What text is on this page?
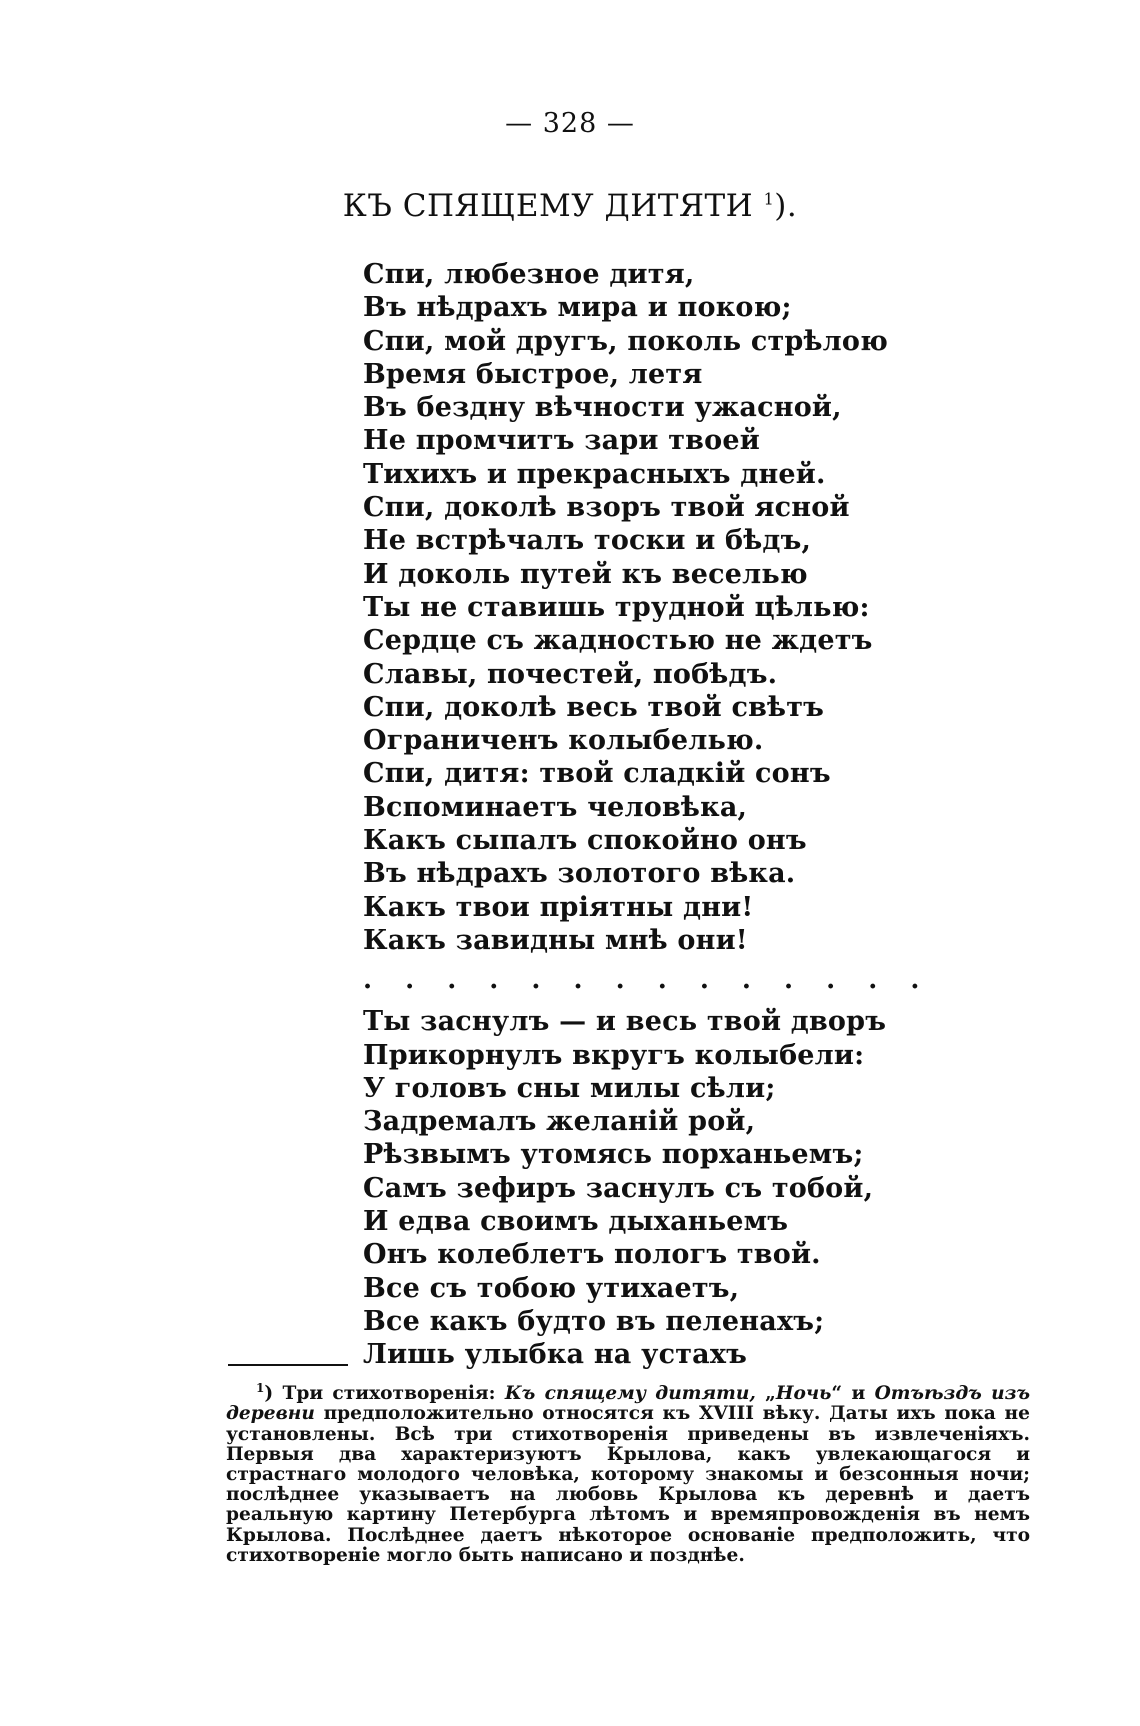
— 328 —
КЪ СПЯЩЕМУ ДИТЯТИ $^1$).
Спи, любезное дитя,
Въ нѣдрахъ мира и покою;
Спи, мой другъ, поколь стрѣлою
Время быстрое, летя
Въ бездну вѣчности ужасной,
Не промчитъ зари твоей
Тихихъ и прекрасныхъ дней.
Спи, доколѣ взоръ твой ясной
Не встрѣчалъ тоски и бѣдъ,
И доколь путей къ веселью
Ты не ставишь трудной цѣлью:
Сердце съ жадностью не ждетъ
Славы, почестей, побѣдъ.
Спи, доколѣ весь твой свѣтъ
Ограниченъ колыбелью.
Спи, дитя: твой сладкій сонъ
Вспоминаетъ человѣка,
Какъ сыпалъ спокойно онъ
Въ нѣдрахъ золотого вѣка.
Какъ твои пріятны дни!
Какъ завидны мнѣ они!
. . . . . . . . . . . . . .
Ты заснулъ — и весь твой дворъ
Прикорнулъ вкругъ колыбели:
У головъ сны милы сѣли;
Задремалъ желаній рой,
Рѣзвымъ утомясь порханьемъ;
Самъ зефиръ заснулъ съ тобой,
И едва своимъ дыханьемъ
Онъ колеблетъ пологъ твой.
Все съ тобою утихаетъ,
Все какъ будто въ пеленахъ;
Лишь улыбка на устахъ

$^1$) Три стихотворенія: Къ спящему дитяти, „Ночь“ и Отъѣздъ изъ деревни предположительно относятся къ XVIII вѣку. Даты ихъ пока не установлены. Всѣ три стихотворенія приведены въ извлеченіяхъ. Первыя два характеризуютъ Крылова, какъ увлекающагося и страстнаго молодого человѣка, которому знакомы и безсонныя ночи; послѣднее указываетъ на любовь Крылова къ деревнѣ и даетъ реальную картину Петербурга лѣтомъ и времяпровожденія въ немъ Крылова. Послѣднее даетъ нѣкоторое основаніе предположить, что стихотвореніе могло быть написано и позднѣе.
